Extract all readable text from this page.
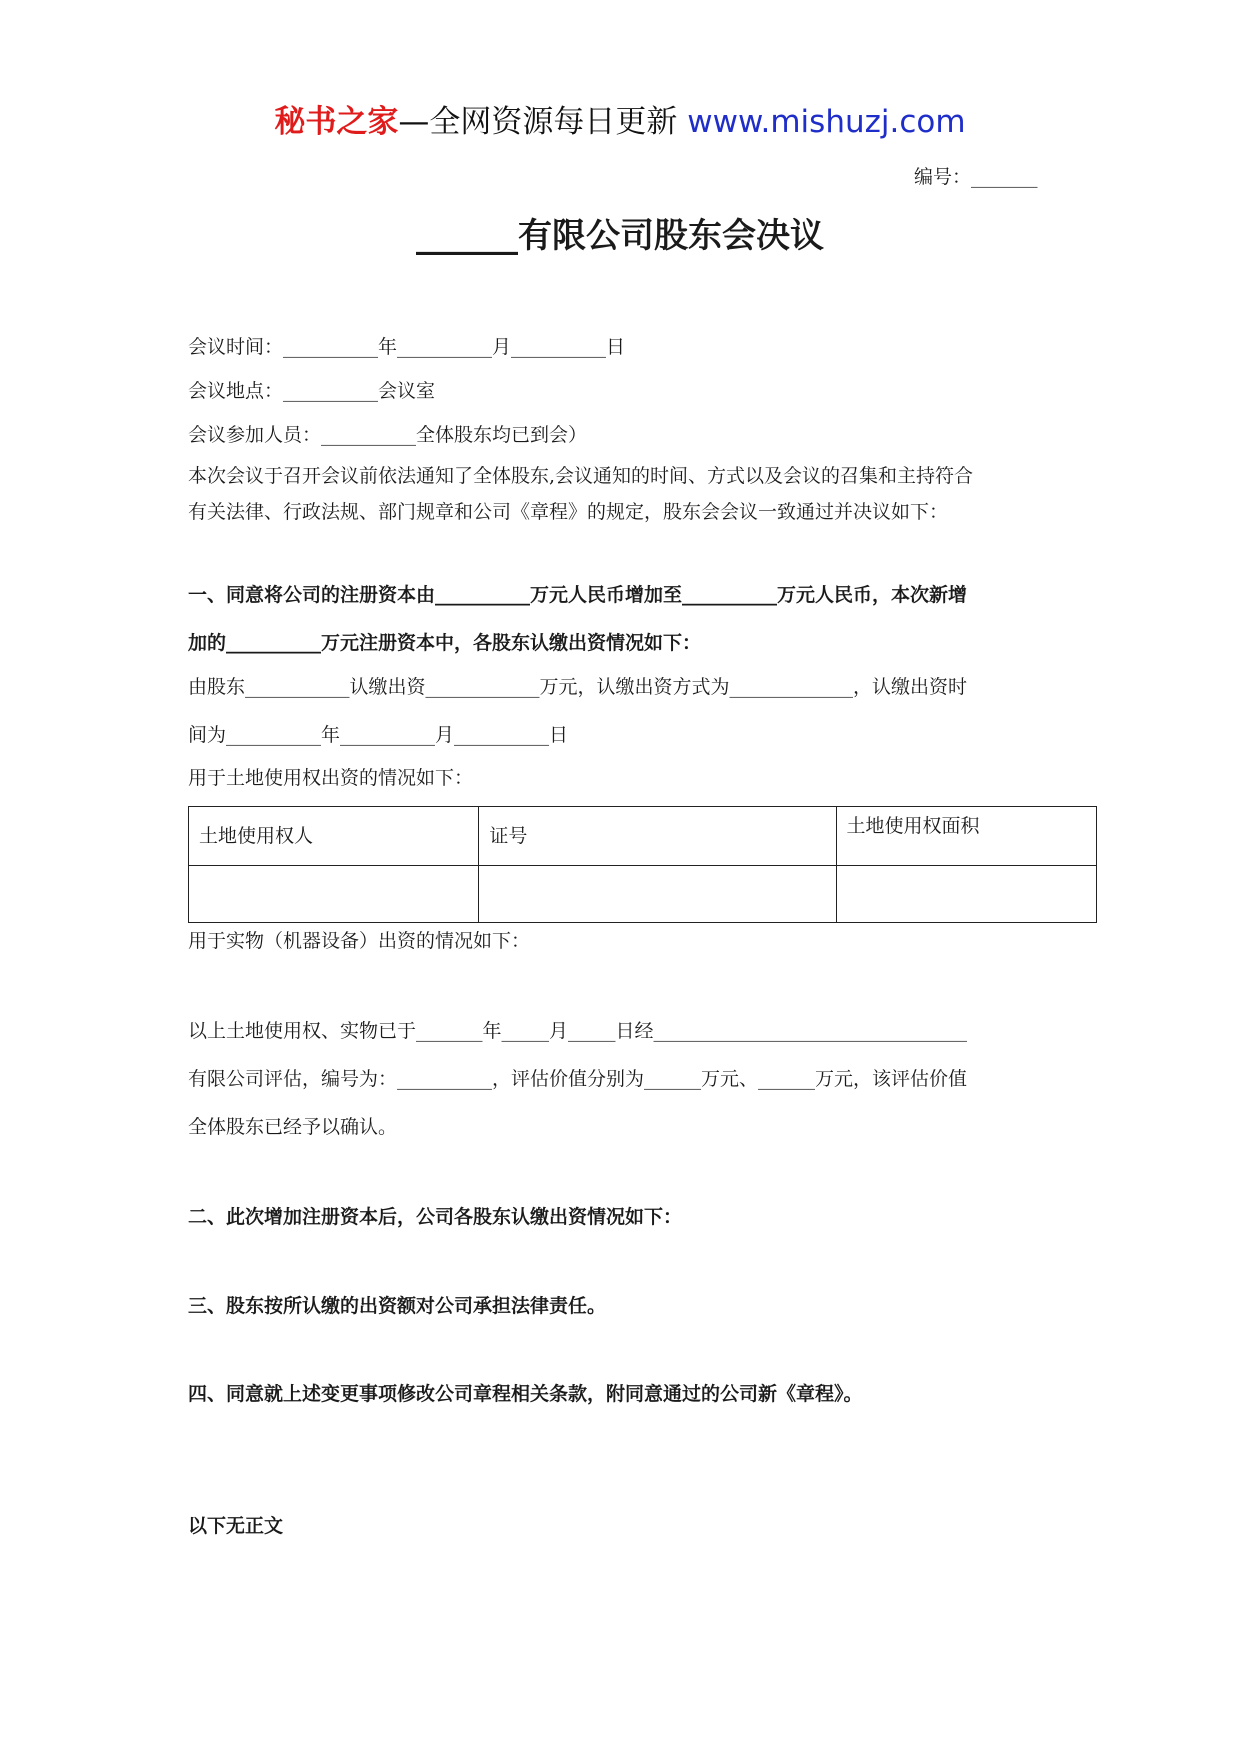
秘书之家—全网资源每日更新 www.mishuzj.com
编号：_______
______有限公司股东会决议
会议时间：__________年__________月__________日
会议地点：__________会议室
会议参加人员：__________全体股东均已到会）
本次会议于召开会议前依法通知了全体股东,会议通知的时间、方式以及会议的召集和主持符合
有关法律、行政法规、部门规章和公司《章程》的规定，股东会会议一致通过并决议如下：
一、同意将公司的注册资本由__________万元人民币增加至__________万元人民币，本次新增
加的__________万元注册资本中，各股东认缴出资情况如下：
由股东___________认缴出资____________万元，认缴出资方式为_____________，认缴出资时
间为__________年__________月__________日
用于土地使用权出资的情况如下：
土地使用权人	证号	土地使用权面积

用于实物（机器设备）出资的情况如下：
以上土地使用权、实物已于_______年_____月_____日经_________________________________
有限公司评估，编号为：__________，评估价值分别为______万元、______万元，该评估价值
全体股东已经予以确认。
二、此次增加注册资本后，公司各股东认缴出资情况如下：
三、股东按所认缴的出资额对公司承担法律责任。
四、同意就上述变更事项修改公司章程相关条款，附同意通过的公司新《章程》。
以下无正文
